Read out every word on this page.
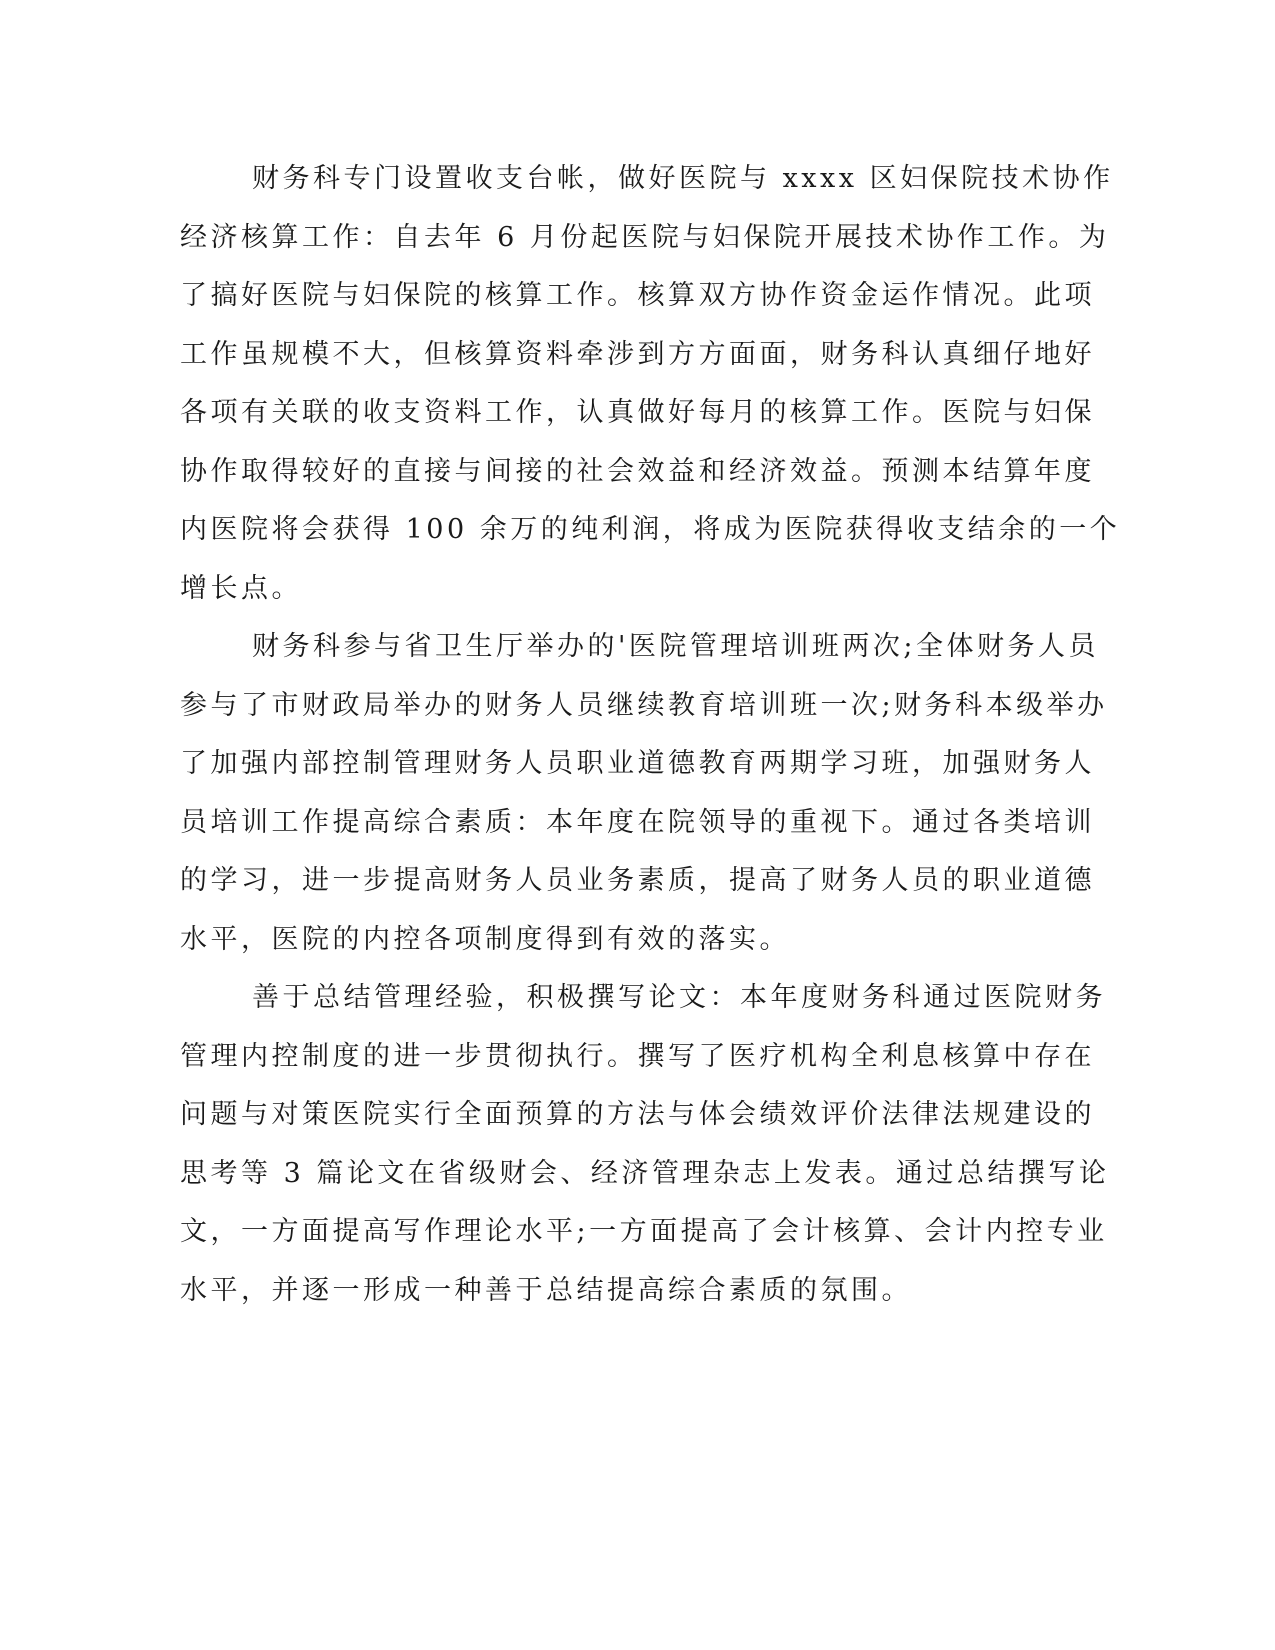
财务科专门设置收支台帐，做好医院与 xxxx 区妇保院技术协作
经济核算工作：自去年 6 月份起医院与妇保院开展技术协作工作。为
了搞好医院与妇保院的核算工作。核算双方协作资金运作情况。此项
工作虽规模不大，但核算资料牵涉到方方面面，财务科认真细仔地好
各项有关联的收支资料工作，认真做好每月的核算工作。医院与妇保
协作取得较好的直接与间接的社会效益和经济效益。预测本结算年度
内医院将会获得 100 余万的纯利润，将成为医院获得收支结余的一个
增长点。

财务科参与省卫生厅举办的'医院管理培训班两次;全体财务人员
参与了市财政局举办的财务人员继续教育培训班一次;财务科本级举办
了加强内部控制管理财务人员职业道德教育两期学习班，加强财务人
员培训工作提高综合素质：本年度在院领导的重视下。通过各类培训
的学习，进一步提高财务人员业务素质，提高了财务人员的职业道德
水平，医院的内控各项制度得到有效的落实。

善于总结管理经验，积极撰写论文：本年度财务科通过医院财务
管理内控制度的进一步贯彻执行。撰写了医疗机构全利息核算中存在
问题与对策医院实行全面预算的方法与体会绩效评价法律法规建设的
思考等 3 篇论文在省级财会、经济管理杂志上发表。通过总结撰写论
文，一方面提高写作理论水平;一方面提高了会计核算、会计内控专业
水平，并逐一形成一种善于总结提高综合素质的氛围。
